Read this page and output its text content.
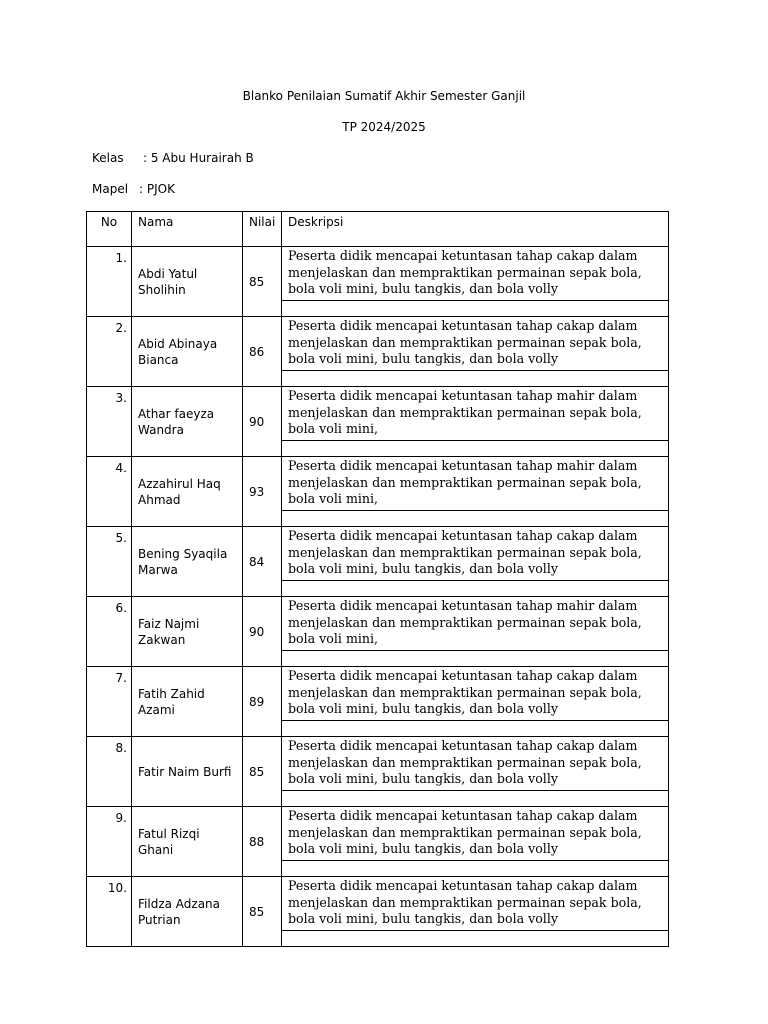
Blanko Penilaian Sumatif Akhir Semester Ganjil
TP 2024/2025
Kelas : 5 Abu Hurairah B
Mapel : PJOK
No	Nama	Nilai	Deskripsi
1.	Abdi Yatul Sholihin	85	Peserta didik mencapai ketuntasan tahap cakap dalam menjelaskan dan mempraktikan permainan sepak bola, bola voli mini, bulu tangkis, dan bola volly

2.	Abid Abinaya Bianca	86	Peserta didik mencapai ketuntasan tahap cakap dalam menjelaskan dan mempraktikan permainan sepak bola, bola voli mini, bulu tangkis, dan bola volly

3.	Athar faeyza Wandra	90	Peserta didik mencapai ketuntasan tahap mahir dalam menjelaskan dan mempraktikan permainan sepak bola, bola voli mini,

4.	Azzahirul Haq Ahmad	93	Peserta didik mencapai ketuntasan tahap mahir dalam menjelaskan dan mempraktikan permainan sepak bola, bola voli mini,

5.	Bening Syaqila Marwa	84	Peserta didik mencapai ketuntasan tahap cakap dalam menjelaskan dan mempraktikan permainan sepak bola, bola voli mini, bulu tangkis, dan bola volly

6.	Faiz Najmi Zakwan	90	Peserta didik mencapai ketuntasan tahap mahir dalam menjelaskan dan mempraktikan permainan sepak bola, bola voli mini,

7.	Fatih Zahid Azami	89	Peserta didik mencapai ketuntasan tahap cakap dalam menjelaskan dan mempraktikan permainan sepak bola, bola voli mini, bulu tangkis, dan bola volly

8.	Fatir Naim Burfi	85	Peserta didik mencapai ketuntasan tahap cakap dalam menjelaskan dan mempraktikan permainan sepak bola, bola voli mini, bulu tangkis, dan bola volly

9.	Fatul Rizqi Ghani	88	Peserta didik mencapai ketuntasan tahap cakap dalam menjelaskan dan mempraktikan permainan sepak bola, bola voli mini, bulu tangkis, dan bola volly

10.	Fildza Adzana Putrian	85	Peserta didik mencapai ketuntasan tahap cakap dalam menjelaskan dan mempraktikan permainan sepak bola, bola voli mini, bulu tangkis, dan bola volly
